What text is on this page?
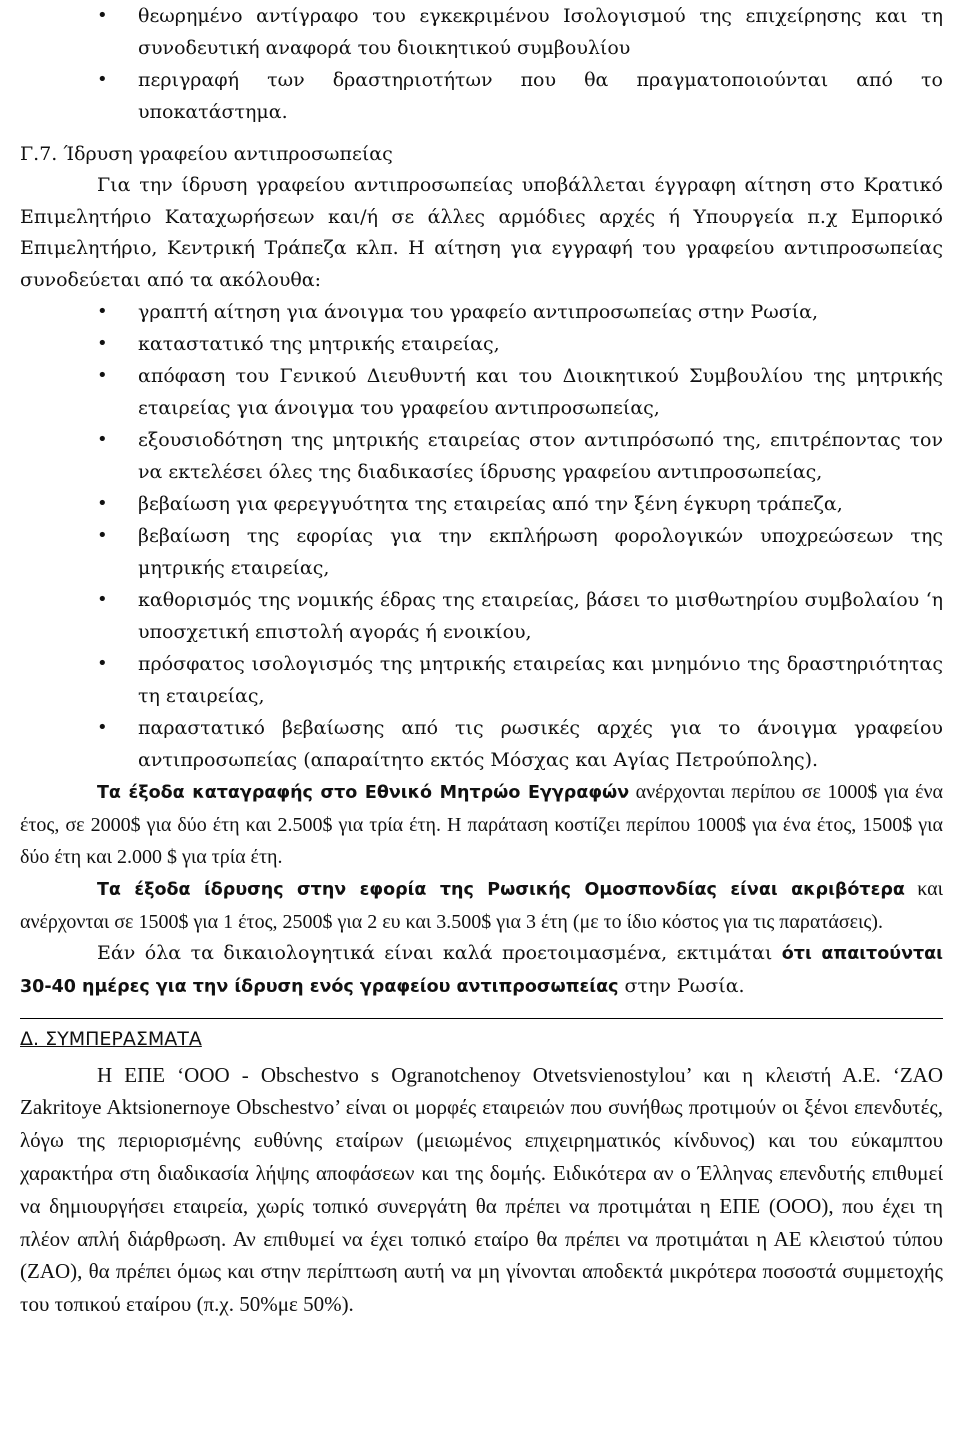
• θεωρημένο αντίγραφο του εγκεκριμένου Ισολογισμού της επιχείρησης και τη συνοδευτική αναφορά του διοικητικού συμβουλίου
• περιγραφή των δραστηριοτήτων που θα πραγματοποιούνται από το υποκατάστημα.
Γ.7. Ίδρυση γραφείου αντιπροσωπείας

Για την ίδρυση γραφείου αντιπροσωπείας υποβάλλεται έγγραφη αίτηση στο Κρατικό Επιμελητήριο Καταχωρήσεων και/ή σε άλλες αρμόδιες αρχές ή Υπουργεία π.χ Εμπορικό Επιμελητήριο, Κεντρική Τράπεζα κλπ. Η αίτηση για εγγραφή του γραφείου αντιπροσωπείας συνοδεύεται από τα ακόλουθα:

• γραπτή αίτηση για άνοιγμα του γραφείο αντιπροσωπείας στην Ρωσία,
• καταστατικό της μητρικής εταιρείας,
• απόφαση του Γενικού Διευθυντή και του Διοικητικού Συμβουλίου της μητρικής εταιρείας για άνοιγμα του γραφείου αντιπροσωπείας,
• εξουσιοδότηση της μητρικής εταιρείας στον αντιπρόσωπό της, επιτρέποντας τον να εκτελέσει όλες της διαδικασίες ίδρυσης γραφείου αντιπροσωπείας,
• βεβαίωση για φερεγγυότητα της εταιρείας από την ξένη έγκυρη τράπεζα,
• βεβαίωση της εφορίας για την εκπλήρωση φορολογικών υποχρεώσεων της μητρικής εταιρείας,
• καθορισμός της νομικής έδρας της εταιρείας, βάσει το μισθωτηρίου συμβολαίου ‘η υποσχετική επιστολή αγοράς ή ενοικίου,
• πρόσφατος ισολογισμός της μητρικής εταιρείας και μνημόνιο της δραστηριότητας τη εταιρείας,
• παραστατικό βεβαίωσης από τις ρωσικές αρχές για το άνοιγμα γραφείου αντιπροσωπείας (απαραίτητο εκτός Μόσχας και Αγίας Πετρούπολης).

Τα έξοδα καταγραφής στο Εθνικό Μητρώο Εγγραφών ανέρχονται περίπου σε 1000$ για ένα έτος, σε 2000$ για δύο έτη και 2.500$ για τρία έτη. Η παράταση κοστίζει περίπου 1000$ για ένα έτος, 1500$ για δύο έτη και 2.000 $ για τρία έτη.

Τα έξοδα ίδρυσης στην εφορία της Ρωσικής Ομοσπονδίας είναι ακριβότερα και ανέρχονται σε 1500$ για 1 έτος, 2500$ για 2 ευ και 3.500$ για 3 έτη (με το ίδιο κόστος για τις παρατάσεις).

Εάν όλα τα δικαιολογητικά είναι καλά προετοιμασμένα, εκτιμάται ότι απαιτούνται 30-40 ημέρες για την ίδρυση ενός γραφείου αντιπροσωπείας στην Ρωσία.

Δ. ΣΥΜΠΕΡΑΣΜΑΤΑ

Η ΕΠΕ ‘ΟΟΟ - Obschestvo s Ogranotchenoy Otvetsvienostylou’ και η κλειστή Α.Ε. ‘ZAO Zakritoye Aktsionernoye Obschestvo’ είναι οι μορφές εταιρειών που συνήθως προτιμούν οι ξένοι επενδυτές, λόγω της περιορισμένης ευθύνης εταίρων (μειωμένος επιχειρηματικός κίνδυνος) και του εύκαμπτου χαρακτήρα στη διαδικασία λήψης αποφάσεων και της δομής. Ειδικότερα αν ο Έλληνας επενδυτής επιθυμεί να δημιουργήσει εταιρεία, χωρίς τοπικό συνεργάτη θα πρέπει να προτιμάται η ΕΠΕ (ΟΟΟ), που έχει τη πλέον απλή διάρθρωση. Αν επιθυμεί να έχει τοπικό εταίρο θα πρέπει να προτιμάται η ΑΕ κλειστού τύπου (ZAO), θα πρέπει όμως και στην περίπτωση αυτή να μη γίνονται αποδεκτά μικρότερα ποσοστά συμμετοχής του τοπικού εταίρου (π.χ. 50%με 50%).
